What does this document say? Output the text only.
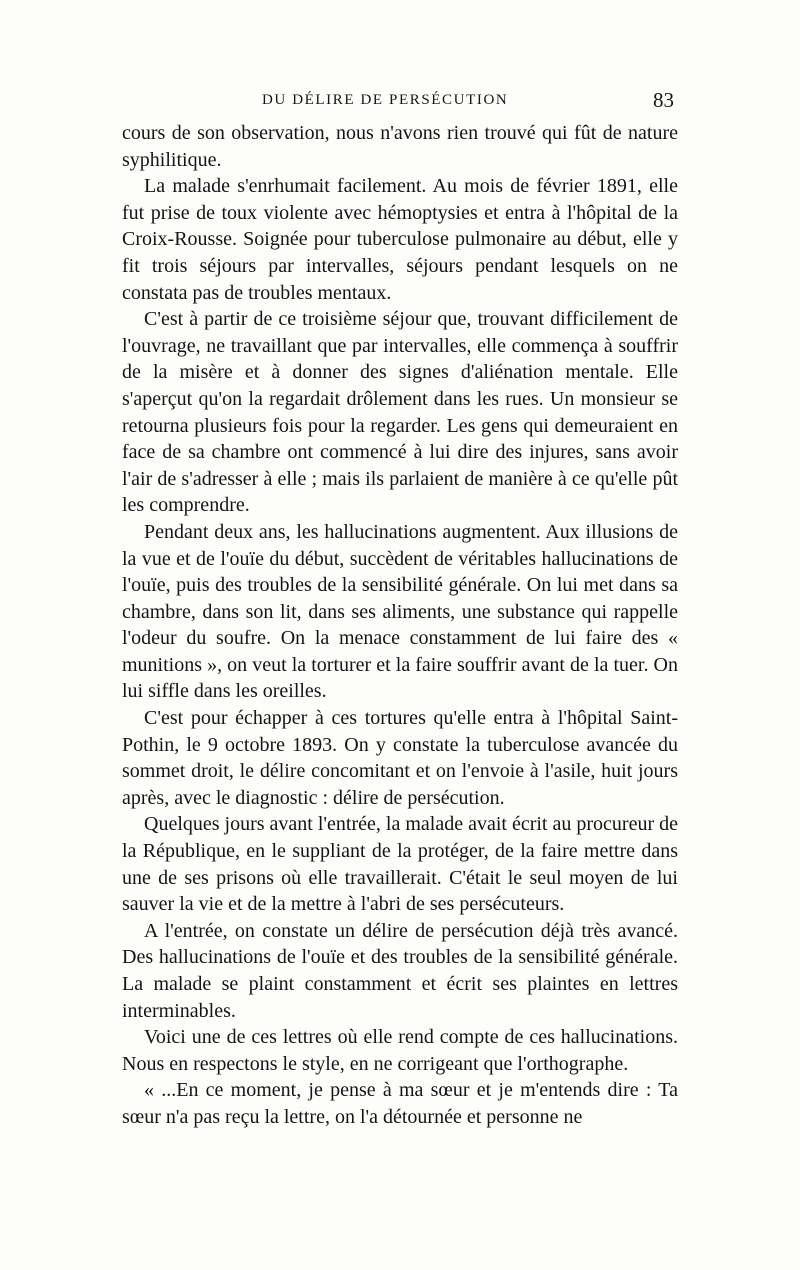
DU DÉLIRE DE PERSÉCUTION	83

cours de son observation, nous n'avons rien trouvé qui fût de nature syphilitique.

La malade s'enrhumait facilement. Au mois de février 1891, elle fut prise de toux violente avec hémoptysies et entra à l'hôpital de la Croix-Rousse. Soignée pour tuberculose pulmonaire au début, elle y fit trois séjours par intervalles, séjours pendant lesquels on ne constata pas de troubles mentaux.

C'est à partir de ce troisième séjour que, trouvant difficilement de l'ouvrage, ne travaillant que par intervalles, elle commença à souffrir de la misère et à donner des signes d'aliénation mentale. Elle s'aperçut qu'on la regardait drôlement dans les rues. Un monsieur se retourna plusieurs fois pour la regarder. Les gens qui demeuraient en face de sa chambre ont commencé à lui dire des injures, sans avoir l'air de s'adresser à elle ; mais ils parlaient de manière à ce qu'elle pût les comprendre.

Pendant deux ans, les hallucinations augmentent. Aux illusions de la vue et de l'ouïe du début, succèdent de véritables hallucinations de l'ouïe, puis des troubles de la sensibilité générale. On lui met dans sa chambre, dans son lit, dans ses aliments, une substance qui rappelle l'odeur du soufre. On la menace constamment de lui faire des « munitions », on veut la torturer et la faire souffrir avant de la tuer. On lui siffle dans les oreilles.

C'est pour échapper à ces tortures qu'elle entra à l'hôpital Saint-Pothin, le 9 octobre 1893. On y constate la tuberculose avancée du sommet droit, le délire concomitant et on l'envoie à l'asile, huit jours après, avec le diagnostic : délire de persécution.

Quelques jours avant l'entrée, la malade avait écrit au procureur de la République, en le suppliant de la protéger, de la faire mettre dans une de ses prisons où elle travaillerait. C'était le seul moyen de lui sauver la vie et de la mettre à l'abri de ses persécuteurs.

A l'entrée, on constate un délire de persécution déjà très avancé. Des hallucinations de l'ouïe et des troubles de la sensibilité générale. La malade se plaint constamment et écrit ses plaintes en lettres interminables.

Voici une de ces lettres où elle rend compte de ces hallucinations. Nous en respectons le style, en ne corrigeant que l'orthographe.

« ...En ce moment, je pense à ma sœur et je m'entends dire : Ta sœur n'a pas reçu la lettre, on l'a détournée et personne ne
